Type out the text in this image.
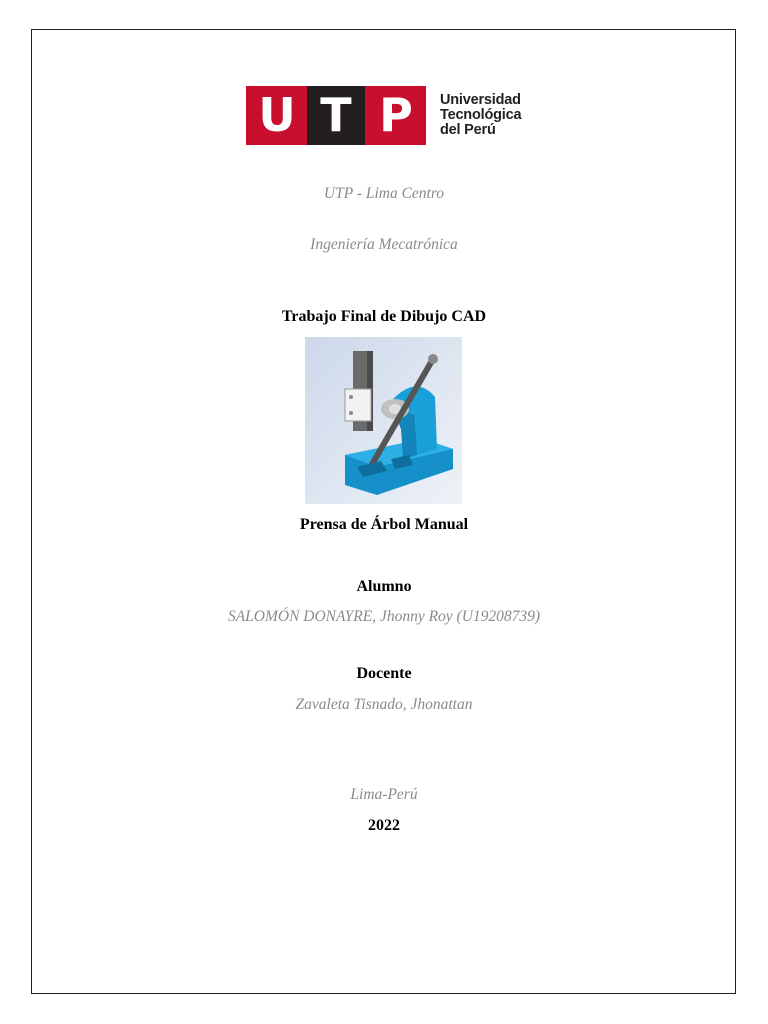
U T P	Universidad
Tecnológica
del Perú
UTP - Lima Centro
Ingeniería Mecatrónica
Trabajo Final de Dibujo CAD
Prensa de Árbol Manual
Alumno
SALOMÓN DONAYRE, Jhonny Roy (U19208739)
Docente
Zavaleta Tisnado, Jhonattan
Lima-Perú
2022
